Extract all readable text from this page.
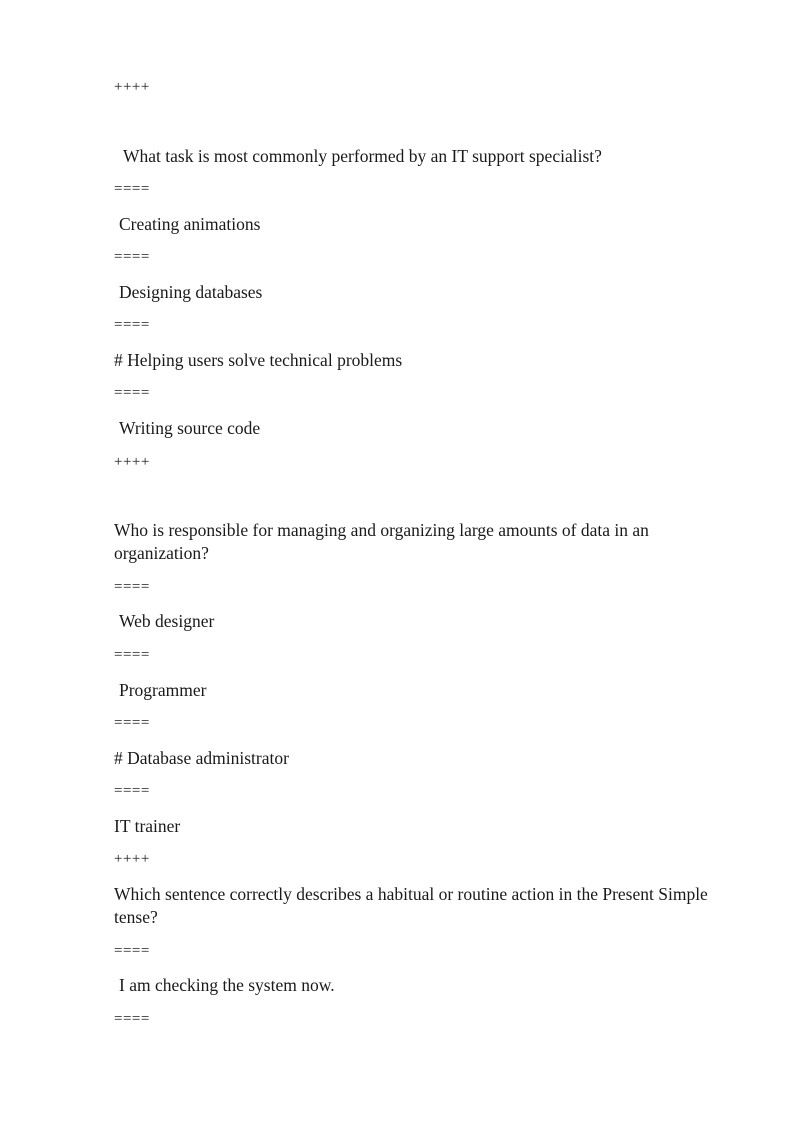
++++

What task is most commonly performed by an IT support specialist?

====

Creating animations

====

Designing databases

====

# Helping users solve technical problems

====

Writing source code

++++

Who is responsible for managing and organizing large amounts of data in an organization?

====

Web designer

====

Programmer

====

# Database administrator

====

IT trainer

++++

Which sentence correctly describes a habitual or routine action in the Present Simple tense?

====

I am checking the system now.

====
